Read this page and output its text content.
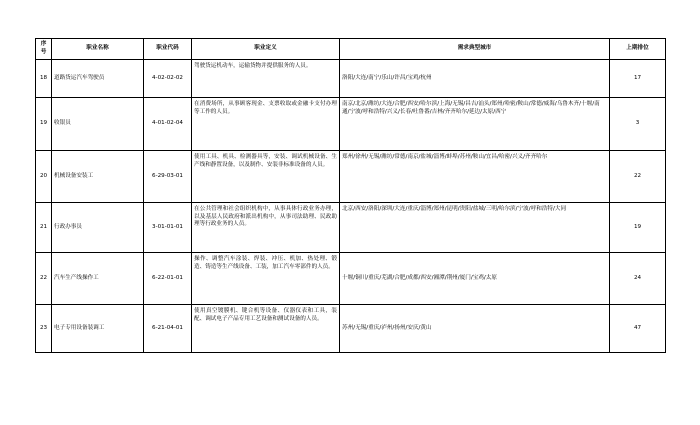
序号	职业名称	职业代码	职业定义	需求典型城市	上期排位
18	道路货运汽车驾驶员	4-02-02-02	驾驶货运机动车，运输货物并提供服务的人员。	洛阳/大连/南宁/乐山/许昌/宝鸡/杭州	17
19	收银员	4-01-02-04	在消费场所，从事顾客现金、支票收取或金融卡支付办理等工作的人员。	南京/北京/潍坊/大连/合肥/西安/哈尔滨/上海/无锡/昌吉/汕头/郑州/哈密/鞍山/常德/威海/乌鲁木齐/十堰/南通/宁波/呼和浩特/兴义/长春/吐鲁番/吉林/齐齐哈尔/延边/太原/西宁	3
20	机械设备安装工	6-29-03-01	使用工具、机具、检测器具等，安装、调试机械设备、生产线和静置设备，以及制作、安装非标准设备的人员。	郑州/徐州/无锡/潍坊/常德/南京/盐城/淄博/蚌埠/苏州/鞍山/宜昌/哈密/兴义/齐齐哈尔	22
21	行政办事员	3-01-01-01	在公共管理和社会组织机构中，从事具体行政业务办理，以及基层人民政府和派出机构中，从事司法助理、民政助理等行政业务的人员。	北京/西安/洛阳/深圳/大连/重庆/淄博/郑州/昆明/贵阳/盐城/三明/哈尔滨/宁波/呼和浩特/大同	19
22	汽车生产线操作工	6-22-01-01	操作、调整汽车涂装、焊装、冲压、机加、热处理、锻造、铸造等生产线设备、工装，加工汽车零部件的人员。	十堰/铜川/重庆/芜湖/合肥/成都/西安/湘潭/荆州/厦门/宝鸡/太原	24
23	电子专用设备装调工	6-21-04-01	使用真空镀膜机、键合机等设备、仪器仪表和工具，装配、调试电子产品专用工艺设备和测试设备的人员。	苏州/无锡/重庆/泸州/扬州/安庆/黄山	47
